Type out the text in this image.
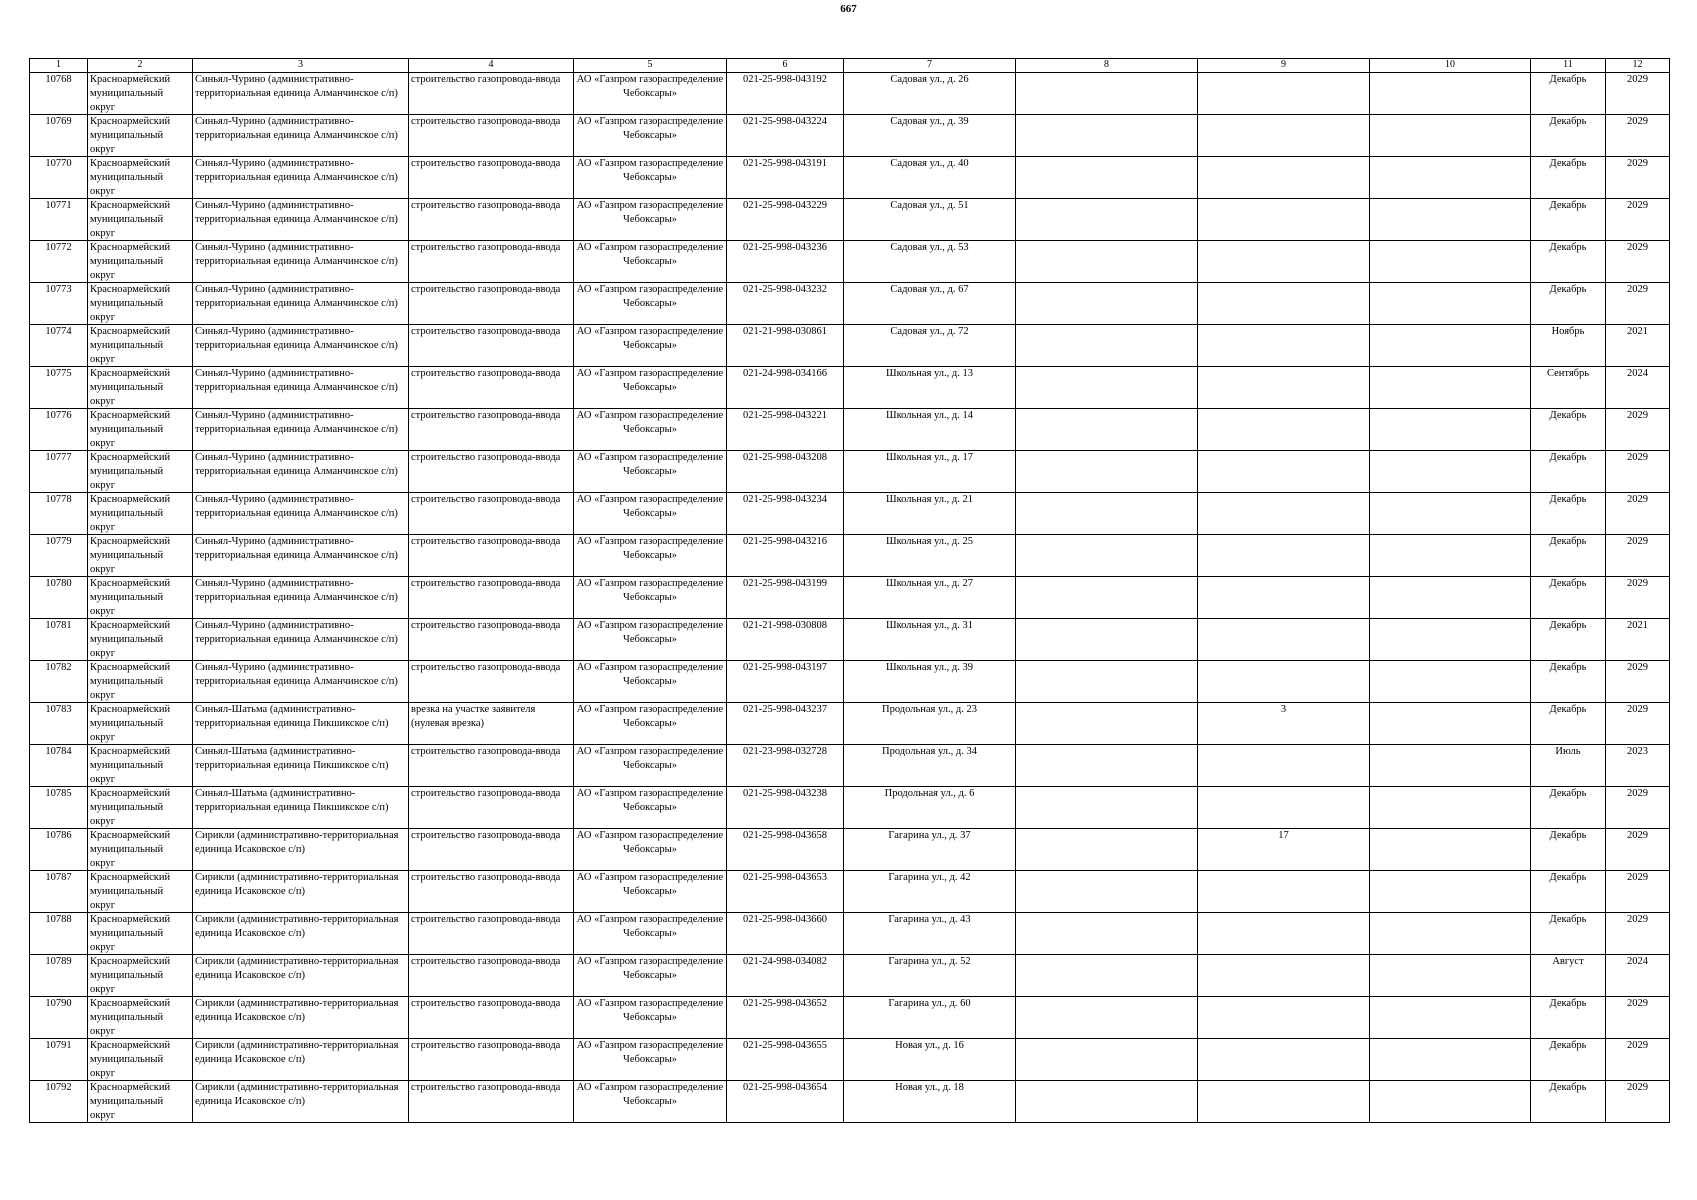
667
1	2	3	4	5	6	7	8	9	10	11	12

10768	Красноармейский муниципальный округ	Синьял-Чурино (административно-территориальная единица Алманчинское с/п)	строительство газопровода-ввода	АО «Газпром газораспределение Чебоксары»	021-25-998-043192	Садовая ул., д. 26				Декабрь	2029

10769	Красноармейский муниципальный округ	Синьял-Чурино (административно-территориальная единица Алманчинское с/п)	строительство газопровода-ввода	АО «Газпром газораспределение Чебоксары»	021-25-998-043224	Садовая ул., д. 39				Декабрь	2029

10770	Красноармейский муниципальный округ	Синьял-Чурино (административно-территориальная единица Алманчинское с/п)	строительство газопровода-ввода	АО «Газпром газораспределение Чебоксары»	021-25-998-043191	Садовая ул., д. 40				Декабрь	2029

10771	Красноармейский муниципальный округ	Синьял-Чурино (административно-территориальная единица Алманчинское с/п)	строительство газопровода-ввода	АО «Газпром газораспределение Чебоксары»	021-25-998-043229	Садовая ул., д. 51				Декабрь	2029

10772	Красноармейский муниципальный округ	Синьял-Чурино (административно-территориальная единица Алманчинское с/п)	строительство газопровода-ввода	АО «Газпром газораспределение Чебоксары»	021-25-998-043236	Садовая ул., д. 53				Декабрь	2029

10773	Красноармейский муниципальный округ	Синьял-Чурино (административно-территориальная единица Алманчинское с/п)	строительство газопровода-ввода	АО «Газпром газораспределение Чебоксары»	021-25-998-043232	Садовая ул., д. 67				Декабрь	2029

10774	Красноармейский муниципальный округ	Синьял-Чурино (административно-территориальная единица Алманчинское с/п)	строительство газопровода-ввода	АО «Газпром газораспределение Чебоксары»	021-21-998-030861	Садовая ул., д. 72				Ноябрь	2021

10775	Красноармейский муниципальный округ	Синьял-Чурино (административно-территориальная единица Алманчинское с/п)	строительство газопровода-ввода	АО «Газпром газораспределение Чебоксары»	021-24-998-034166	Школьная ул., д. 13				Сентябрь	2024

10776	Красноармейский муниципальный округ	Синьял-Чурино (административно-территориальная единица Алманчинское с/п)	строительство газопровода-ввода	АО «Газпром газораспределение Чебоксары»	021-25-998-043221	Школьная ул., д. 14				Декабрь	2029

10777	Красноармейский муниципальный округ	Синьял-Чурино (административно-территориальная единица Алманчинское с/п)	строительство газопровода-ввода	АО «Газпром газораспределение Чебоксары»	021-25-998-043208	Школьная ул., д. 17				Декабрь	2029

10778	Красноармейский муниципальный округ	Синьял-Чурино (административно-территориальная единица Алманчинское с/п)	строительство газопровода-ввода	АО «Газпром газораспределение Чебоксары»	021-25-998-043234	Школьная ул., д. 21				Декабрь	2029

10779	Красноармейский муниципальный округ	Синьял-Чурино (административно-территориальная единица Алманчинское с/п)	строительство газопровода-ввода	АО «Газпром газораспределение Чебоксары»	021-25-998-043216	Школьная ул., д. 25				Декабрь	2029

10780	Красноармейский муниципальный округ	Синьял-Чурино (административно-территориальная единица Алманчинское с/п)	строительство газопровода-ввода	АО «Газпром газораспределение Чебоксары»	021-25-998-043199	Школьная ул., д. 27				Декабрь	2029

10781	Красноармейский муниципальный округ	Синьял-Чурино (административно-территориальная единица Алманчинское с/п)	строительство газопровода-ввода	АО «Газпром газораспределение Чебоксары»	021-21-998-030808	Школьная ул., д. 31				Декабрь	2021

10782	Красноармейский муниципальный округ	Синьял-Чурино (административно-территориальная единица Алманчинское с/п)	строительство газопровода-ввода	АО «Газпром газораспределение Чебоксары»	021-25-998-043197	Школьная ул., д. 39				Декабрь	2029

10783	Красноармейский муниципальный округ	Синьял-Шатьма (административно-территориальная единица Пикшикское с/п)	врезка на участке заявителя (нулевая врезка)	АО «Газпром газораспределение Чебоксары»	021-25-998-043237	Продольная ул., д. 23		3		Декабрь	2029

10784	Красноармейский муниципальный округ	Синьял-Шатьма (административно-территориальная единица Пикшикское с/п)	строительство газопровода-ввода	АО «Газпром газораспределение Чебоксары»	021-23-998-032728	Продольная ул., д. 34				Июль	2023

10785	Красноармейский муниципальный округ	Синьял-Шатьма (административно-территориальная единица Пикшикское с/п)	строительство газопровода-ввода	АО «Газпром газораспределение Чебоксары»	021-25-998-043238	Продольная ул., д. 6				Декабрь	2029

10786	Красноармейский муниципальный округ	Сирикли (административно-территориальная единица Исаковское с/п)	строительство газопровода-ввода	АО «Газпром газораспределение Чебоксары»	021-25-998-043658	Гагарина ул., д. 37		17		Декабрь	2029

10787	Красноармейский муниципальный округ	Сирикли (административно-территориальная единица Исаковское с/п)	строительство газопровода-ввода	АО «Газпром газораспределение Чебоксары»	021-25-998-043653	Гагарина ул., д. 42				Декабрь	2029

10788	Красноармейский муниципальный округ	Сирикли (административно-территориальная единица Исаковское с/п)	строительство газопровода-ввода	АО «Газпром газораспределение Чебоксары»	021-25-998-043660	Гагарина ул., д. 43				Декабрь	2029

10789	Красноармейский муниципальный округ	Сирикли (административно-территориальная единица Исаковское с/п)	строительство газопровода-ввода	АО «Газпром газораспределение Чебоксары»	021-24-998-034082	Гагарина ул., д. 52				Август	2024

10790	Красноармейский муниципальный округ	Сирикли (административно-территориальная единица Исаковское с/п)	строительство газопровода-ввода	АО «Газпром газораспределение Чебоксары»	021-25-998-043652	Гагарина ул., д. 60				Декабрь	2029

10791	Красноармейский муниципальный округ	Сирикли (административно-территориальная единица Исаковское с/п)	строительство газопровода-ввода	АО «Газпром газораспределение Чебоксары»	021-25-998-043655	Новая ул., д. 16				Декабрь	2029

10792	Красноармейский муниципальный округ	Сирикли (административно-территориальная единица Исаковское с/п)	строительство газопровода-ввода	АО «Газпром газораспределение Чебоксары»	021-25-998-043654	Новая ул., д. 18				Декабрь	2029
